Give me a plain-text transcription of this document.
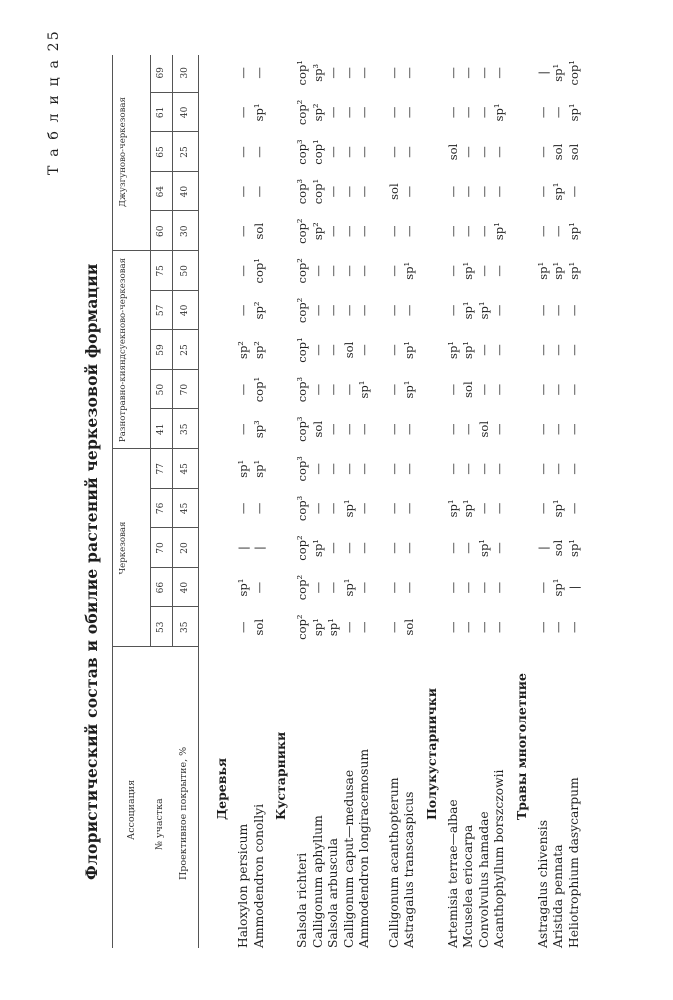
Флористический состав и обилие растений черкезовой формации
Т а б л и ц а 25
Ассоциация № участка Проективное покрытие, %
Черкезовая
53 35
66 40
70 20
76 45
77 45
Разнотравно-кияндсуекново-черкезовая	41 35
50 70
59 25
57 40
75 50
Джузгуново-черкезовая
60 30
64 40
65 25
61 40
69 30
Деревья
Haloxylon persicum
—
sp¹
|
—
sp¹
—
—
sp²
—
—
—
—
—
—
—
Ammodendron conollyi
sol
—
|
—
sp¹
sp³
cop¹
sp²
sp²
cop¹
sol
—
—
sp¹
—
Кустарники
Salsola richteri
cop²
cop²
cop²
cop³
cop³
cop³
cop³
cop¹
cop²
cop²
cop²
cop³
cop³
cop²
cop¹
Calligonum aphyllum
sp¹
—
sp¹
—
—
sol
—
—
—
—
sp²
cop¹
cop¹
sp²
sp³
Salsola arbuscula
sp¹
—
—
—
—
—
—
—
—
—
—
—
—
—
—
Calligonum caput—medusae
—
sp¹
—
sp¹
—
—
—
sol
—
—
—
—
—
—
—
Ammodendron longiracemosum
—
—
—
—
—
—
sp¹
—
—
—
—
—
—
—
—
Calligonum acanthopterum
—
—
—
—
—
—
—
—
—
—
—
sol
—
—
—
Astragalus transcaspicus
sol
—
—
—
—
—
sp¹
sp¹
—
sp¹
—
—
—
—
—
Полукустарнички
Artemisia terrae—albae
—
—
—
sp¹
—
—
—
sp¹
—
—
—
—
sol
—
—
Mcuselea eriocarpa
—
—
—
sp¹
—
—
sol
sp¹
sp¹
sp¹
—
—
—
—
—
Convolvulus hamadae
—
—
sp¹
—
—
sol
—
—
sp¹
—
—
—
—
—
—
Acanthophyllum borszczowii
—
—
—
—
—
—
—
—
—
—
sp¹
—
—
sp¹
—
Травы многолетние
Astragalus chivensis
—
—
|
—
—
—
—
—
—
sp¹
—
—
—
—
|
Aristida pennata
—
sp¹
sol
sp¹
—
—
—
—
—
sp¹
—
sp¹
sol
—
sp¹
Heliotrophium dasycarpum
—
|
sp¹
—
—
—
—
—
—
sp¹
sp¹
—
sol
sp¹
cop¹
